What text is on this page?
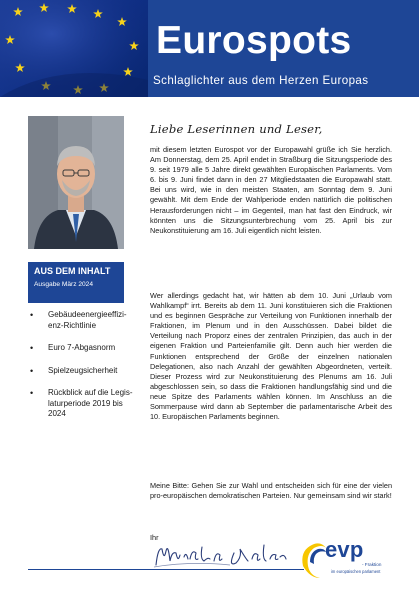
Eurospots
Schlaglichter aus dem Herzen Europas
AUS DEM INHALT
Ausgabe März 2024
• Gebäudeenergieeffizi-enz-Richtlinie
• Euro 7-Abgasnorm
• Spielzeugsicherheit
• Rückblick auf die Legis-laturperiode 2019 bis 2024
Liebe Leserinnen und Leser,

mit diesem letzten Eurospot vor der Europawahl grüße ich Sie herzlich. Am Donnerstag, dem 25. April endet in Straßburg die Sitzungsperiode des 9. seit 1979 alle 5 Jahre direkt gewählten Europäischen Parlaments. Vom 6. bis 9. Juni findet dann in den 27 Mitgliedstaaten die Europawahl statt. Bei uns wird, wie in den meisten Staaten, am Sonntag dem 9. Juni gewählt. Mit dem Ende der Wahlperiode enden natürlich die politischen Herausforderungen nicht – im Gegenteil, man hat fast den Eindruck, wir könnten uns die Sitzungsunterbrechung vom 25. April bis zur Neukonstituierung am 16. Juli eigentlich nicht leisten.

Wer allerdings gedacht hat, wir hätten ab dem 10. Juni „Urlaub vom Wahlkampf“ irrt. Bereits ab dem 11. Juni konstituieren sich die Fraktionen und es beginnen Gespräche zur Verteilung von Funktionen innerhalb der Fraktionen, im Plenum und in den Ausschüssen. Dabei bildet die Verteilung nach Proporz eines der zentralen Prinzipien, das auch in der eigenen Fraktion und Parteienfamilie gilt. Denn auch hier werden die Funktionen entsprechend der Größe der einzelnen nationalen Delegationen, also nach Anzahl der gewählten Abgeordneten, verteilt. Dieser Prozess wird zur Neukonstituierung des Plenums am 16. Juli abgeschlossen sein, so dass die Fraktionen handlungsfähig sind und die neue Spitze des Parlaments wählen können. Im Anschluss an die Sommerpause wird dann ab September die parlamentarische Arbeit des 10. Europäischen Parlaments beginnen.

Meine Bitte: Gehen Sie zur Wahl und entscheiden sich für eine der vielen pro-europäischen demokratischen Parteien. Nur gemeinsam sind wir stark!

Ihr	evp
- Fraktion
im europäischen parlament
